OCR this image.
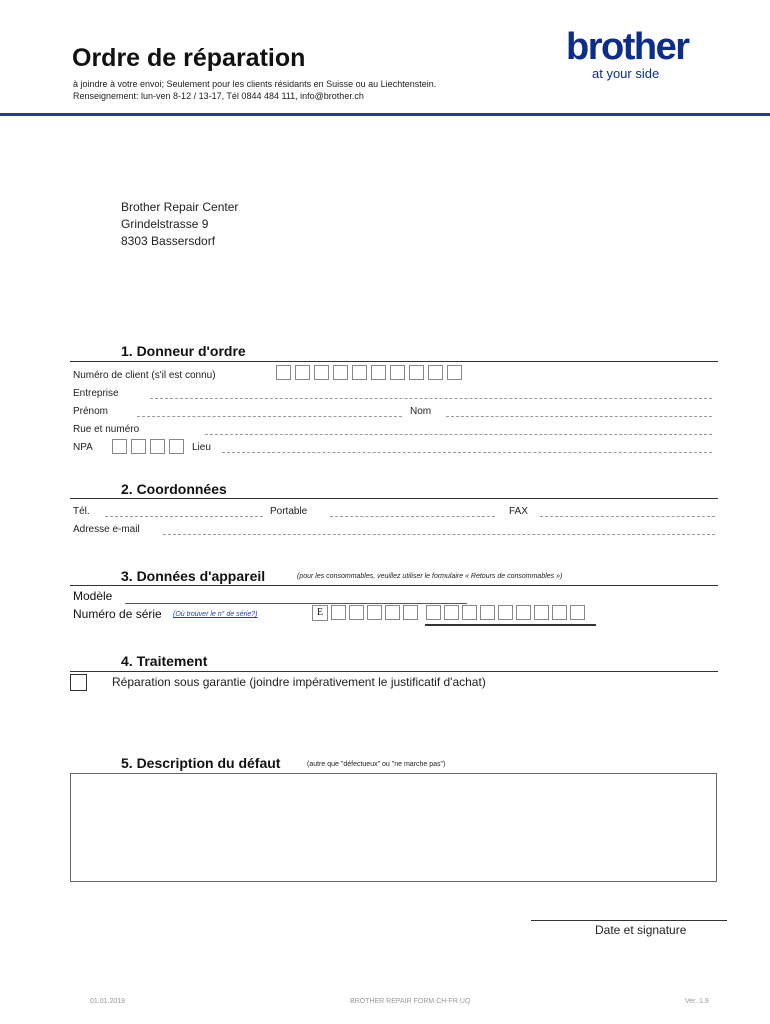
Ordre de réparation
à joindre à votre envoi; Seulement pour les clients résidants en Suisse ou au Liechtenstein.
Renseignement: lun-ven 8-12 / 13-17, Tél 0844 484 111, info@brother.ch
brother
at your side
Brother Repair Center
Grindelstrasse 9
8303 Bassersdorf
1. Donneur d'ordre
Numéro de client (s'il est connu)
Entreprise
Prénom	Nom
Rue et numéro
NPA	Lieu
2. Coordonnées
Tél.	Portable	FAX
Adresse e-mail
3. Données d'appareil	(pour les consommables, veuillez utiliser le formulaire « Retours de consommables »)
Modèle
Numéro de série (Où trouver le n° de série?)	E
4. Traitement
Réparation sous garantie (joindre impérativement le justificatif d'achat)
5. Description du défaut	(autre que "défectueux" ou "ne marche pas")
Date et signature
01.01.2019	BROTHER REPAIR FORM CH-FR UQ	Ver. 1.9
